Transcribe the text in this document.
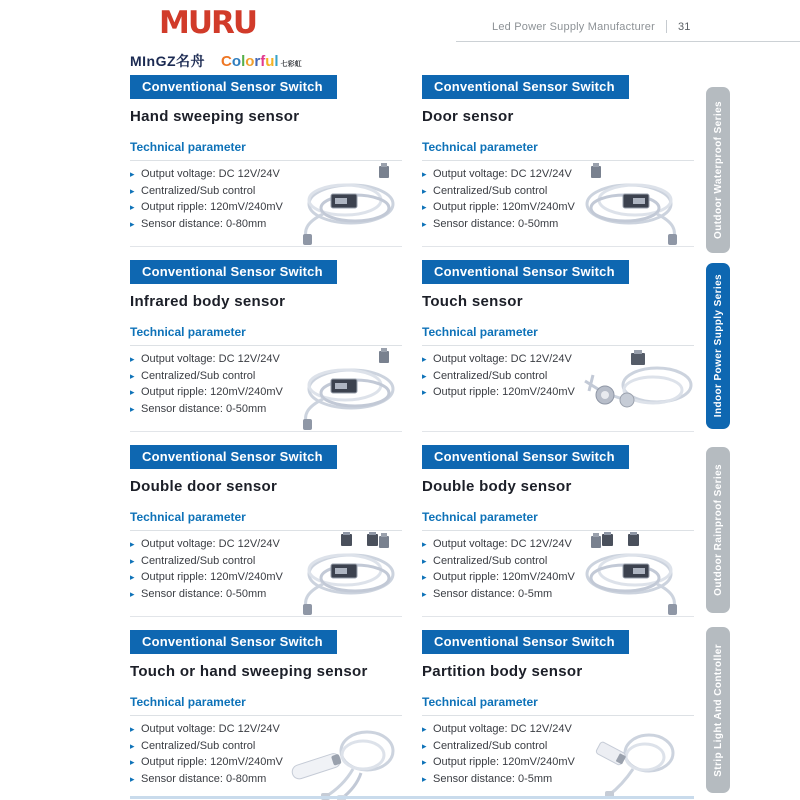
MURU	Led Power Supply Manufacturer 31
MInGZ名舟 Colorful 七彩虹
Conventional Sensor Switch
Hand sweeping sensor
Technical parameter
▸ Output voltage: DC 12V/24V
▸ Centralized/Sub control
▸ Output ripple: 120mV/240mV
▸ Sensor distance: 0-80mm
Conventional Sensor Switch
Door sensor
Technical parameter
▸ Output voltage: DC 12V/24V
▸ Centralized/Sub control
▸ Output ripple: 120mV/240mV
▸ Sensor distance: 0-50mm
Conventional Sensor Switch
Infrared body sensor
Technical parameter
▸ Output voltage: DC 12V/24V
▸ Centralized/Sub control
▸ Output ripple: 120mV/240mV
▸ Sensor distance: 0-50mm
Conventional Sensor Switch
Touch sensor
Technical parameter
▸ Output voltage: DC 12V/24V
▸ Centralized/Sub control
▸ Output ripple: 120mV/240mV
Conventional Sensor Switch
Double door sensor
Technical parameter
▸ Output voltage: DC 12V/24V
▸ Centralized/Sub control
▸ Output ripple: 120mV/240mV
▸ Sensor distance: 0-50mm
Conventional Sensor Switch
Double body sensor
Technical parameter
▸ Output voltage: DC 12V/24V
▸ Centralized/Sub control
▸ Output ripple: 120mV/240mV
▸ Sensor distance: 0-5mm
Conventional Sensor Switch
Touch or hand sweeping sensor
Technical parameter
▸ Output voltage: DC 12V/24V
▸ Centralized/Sub control
▸ Output ripple: 120mV/240mV
▸ Sensor distance: 0-80mm
Conventional Sensor Switch
Partition body sensor
Technical parameter
▸ Output voltage: DC 12V/24V
▸ Centralized/Sub control
▸ Output ripple: 120mV/240mV
▸ Sensor distance: 0-5mm
Outdoor Waterproof Series
Indoor Power Supply Series
Outdoor Rainproof Series
Strip Light And Controller
